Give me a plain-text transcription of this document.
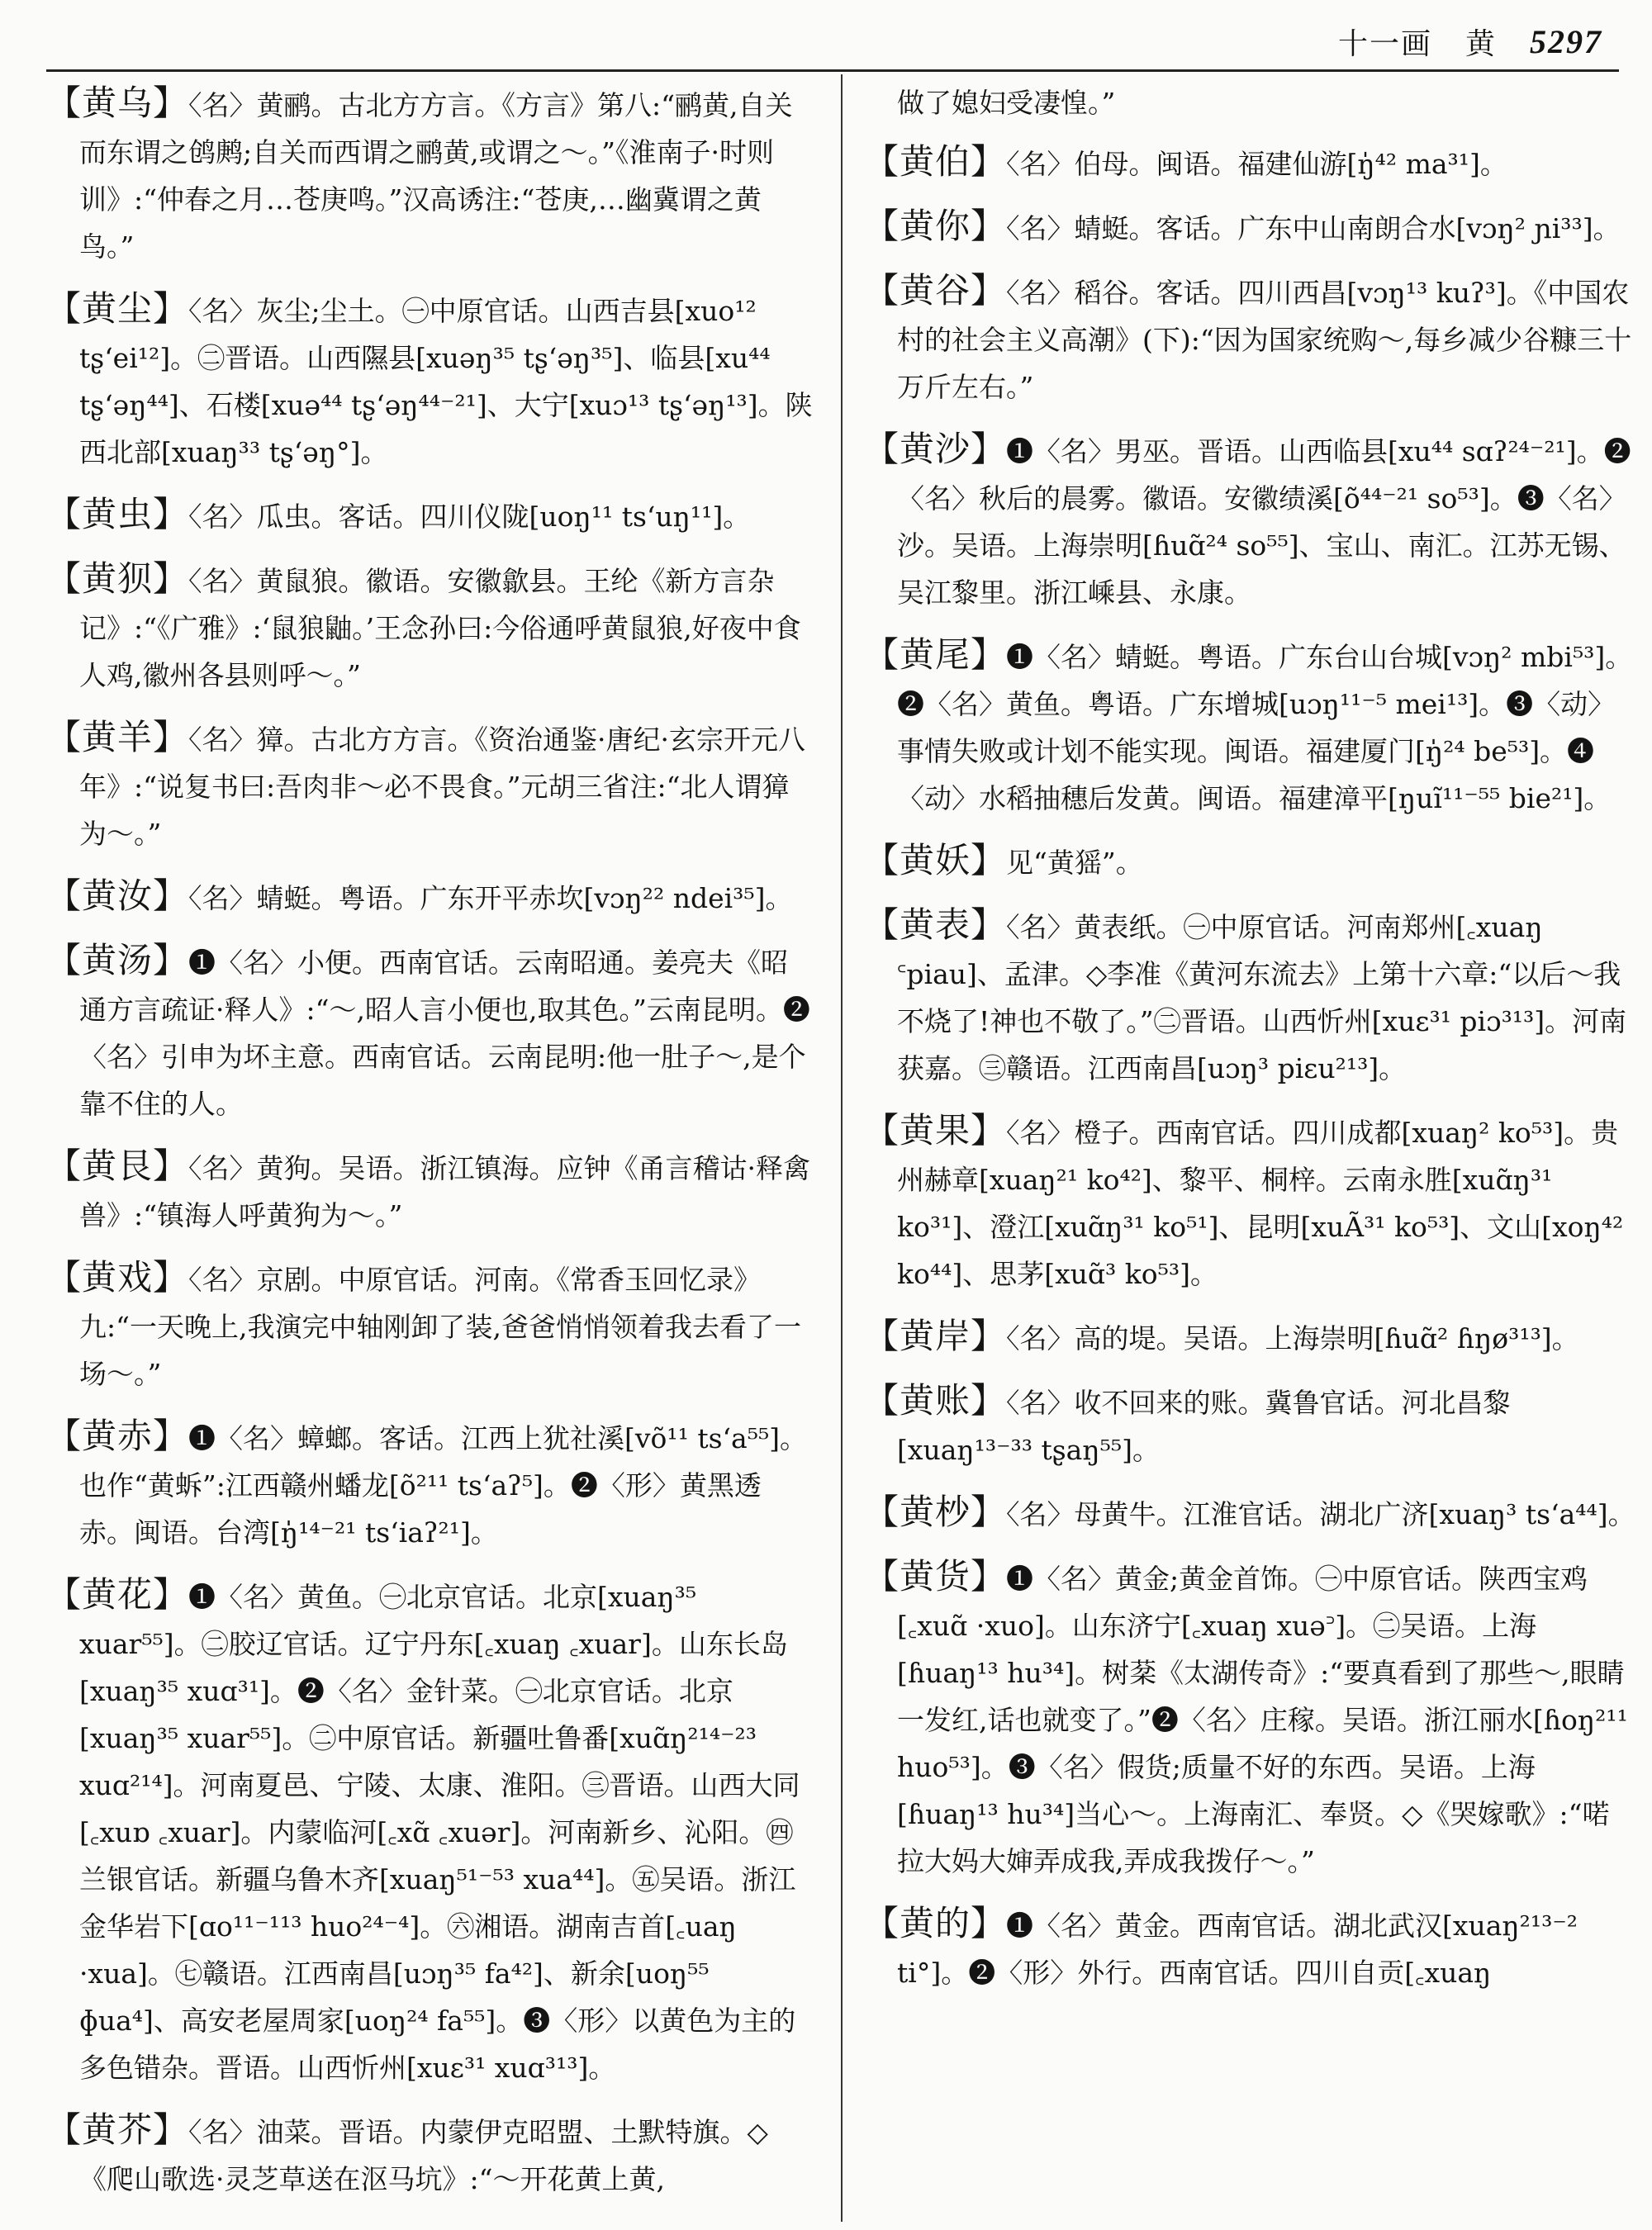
十一画 黄 5297

【黄乌】〈名〉黄鹂。古北方方言。《方言》第八:“鹂黄,自关而东谓之鸧鹒;自关而西谓之鹂黄,或谓之～。”《淮南子·时则训》:“仲春之月…苍庚鸣。”汉高诱注:“苍庚,…幽冀谓之黄鸟。”

【黄尘】〈名〉灰尘;尘土。㊀中原官话。山西吉县[xuo¹² tʂʻei¹²]。㊁晋语。山西隰县[xuəŋ³⁵ tʂʻəŋ³⁵]、临县[xu⁴⁴ tʂʻəŋ⁴⁴]、石楼[xuə⁴⁴ tʂʻəŋ⁴⁴⁻²¹]、大宁[xuɔ¹³ tʂʻəŋ¹³]。陕西北部[xuaŋ³³ tʂʻəŋ°]。

【黄虫】〈名〉瓜虫。客话。四川仪陇[uoŋ¹¹ tsʻuŋ¹¹]。

【黄狈】〈名〉黄鼠狼。徽语。安徽歙县。王纶《新方言杂记》:“《广雅》:‘鼠狼鼬。’王念孙曰:今俗通呼黄鼠狼,好夜中食人鸡,徽州各县则呼～。”

【黄羊】〈名〉獐。古北方方言。《资治通鉴·唐纪·玄宗开元八年》:“说复书曰:吾肉非～必不畏食。”元胡三省注:“北人谓獐为～。”

【黄汝】〈名〉蜻蜓。粤语。广东开平赤坎[vɔŋ²² ndei³⁵]。

【黄汤】❶〈名〉小便。西南官话。云南昭通。姜亮夫《昭通方言疏证·释人》:“～,昭人言小便也,取其色。”云南昆明。❷〈名〉引申为坏主意。西南官话。云南昆明:他一肚子～,是个靠不住的人。

【黄艮】〈名〉黄狗。吴语。浙江镇海。应钟《甬言稽诂·释禽兽》:“镇海人呼黄狗为～。”

【黄戏】〈名〉京剧。中原官话。河南。《常香玉回忆录》九:“一天晚上,我演完中轴刚卸了装,爸爸悄悄领着我去看了一场～。”

【黄赤】❶〈名〉蟑螂。客话。江西上犹社溪[võ¹¹ tsʻa⁵⁵]。也作“黄蚸”:江西赣州蟠龙[õ²¹¹ tsʻaʔ⁵]。❷〈形〉黄黑透赤。闽语。台湾[ŋ̍¹⁴⁻²¹ tsʻiaʔ²¹]。

【黄花】❶〈名〉黄鱼。㊀北京官话。北京[xuaŋ³⁵ xuar⁵⁵]。㊁胶辽官话。辽宁丹东[꜀xuaŋ ꜀xuar]。山东长岛[xuaŋ³⁵ xuɑ³¹]。❷〈名〉金针菜。㊀北京官话。北京[xuaŋ³⁵ xuar⁵⁵]。㊁中原官话。新疆吐鲁番[xuɑ̃ŋ²¹⁴⁻²³ xuɑ²¹⁴]。河南夏邑、宁陵、太康、淮阳。㊂晋语。山西大同[꜀xuɒ ꜀xuar]。内蒙临河[꜀xɑ̃ ꜀xuər]。河南新乡、沁阳。㊃兰银官话。新疆乌鲁木齐[xuaŋ⁵¹⁻⁵³ xua⁴⁴]。㊄吴语。浙江金华岩下[ɑo¹¹⁻¹¹³ huo²⁴⁻⁴]。㊅湘语。湖南吉首[꜀uaŋ ·xua]。㊆赣语。江西南昌[uɔŋ³⁵ fa⁴²]、新余[uoŋ⁵⁵ ɸua⁴]、高安老屋周家[uoŋ²⁴ fa⁵⁵]。❸〈形〉以黄色为主的多色错杂。晋语。山西忻州[xuɛ³¹ xuɑ³¹³]。

【黄芥】〈名〉油菜。晋语。内蒙伊克昭盟、土默特旗。◇《爬山歌选·灵芝草送在沤马坑》:“～开花黄上黄,

做了媳妇受凄惶。”

【黄伯】〈名〉伯母。闽语。福建仙游[ŋ̍⁴² ma³¹]。

【黄你】〈名〉蜻蜓。客话。广东中山南朗合水[vɔŋ² ɲi³³]。

【黄谷】〈名〉稻谷。客话。四川西昌[vɔŋ¹³ kuʔ³]。《中国农村的社会主义高潮》(下):“因为国家统购～,每乡减少谷糠三十万斤左右。”

【黄沙】❶〈名〉男巫。晋语。山西临县[xu⁴⁴ sɑʔ²⁴⁻²¹]。❷〈名〉秋后的晨雾。徽语。安徽绩溪[õ⁴⁴⁻²¹ so⁵³]。❸〈名〉沙。吴语。上海崇明[ɦuɑ̃²⁴ so⁵⁵]、宝山、南汇。江苏无锡、吴江黎里。浙江嵊县、永康。

【黄尾】❶〈名〉蜻蜓。粤语。广东台山台城[vɔŋ² mbi⁵³]。❷〈名〉黄鱼。粤语。广东增城[uɔŋ¹¹⁻⁵ mei¹³]。❸〈动〉事情失败或计划不能实现。闽语。福建厦门[ŋ̍²⁴ be⁵³]。❹〈动〉水稻抽穗后发黄。闽语。福建漳平[ŋuĩ¹¹⁻⁵⁵ bie²¹]。

【黄妖】见“黄猺”。

【黄表】〈名〉黄表纸。㊀中原官话。河南郑州[꜀xuaŋ ꜂piau]、孟津。◇李准《黄河东流去》上第十六章:“以后～我不烧了!神也不敬了。”㊁晋语。山西忻州[xuɛ³¹ piɔ³¹³]。河南获嘉。㊂赣语。江西南昌[uɔŋ³ piɛu²¹³]。

【黄果】〈名〉橙子。西南官话。四川成都[xuaŋ² ko⁵³]。贵州赫章[xuaŋ²¹ ko⁴²]、黎平、桐梓。云南永胜[xuɑ̃ŋ³¹ ko³¹]、澄江[xuɑ̃ŋ³¹ ko⁵¹]、昆明[xuÃ³¹ ko⁵³]、文山[xoŋ⁴² ko⁴⁴]、思茅[xuɑ̃³ ko⁵³]。

【黄岸】〈名〉高的堤。吴语。上海崇明[ɦuɑ̃² ɦŋø³¹³]。

【黄账】〈名〉收不回来的账。冀鲁官话。河北昌黎[xuaŋ¹³⁻³³ tʂaŋ⁵⁵]。

【黄杪】〈名〉母黄牛。江淮官话。湖北广济[xuaŋ³ tsʻa⁴⁴]。

【黄货】❶〈名〉黄金;黄金首饰。㊀中原官话。陕西宝鸡[꜀xuɑ̃ ·xuo]。山东济宁[꜀xuaŋ xuə꜄]。㊁吴语。上海[ɦuaŋ¹³ hu³⁴]。树棻《太湖传奇》:“要真看到了那些～,眼睛一发红,话也就变了。”❷〈名〉庄稼。吴语。浙江丽水[ɦoŋ²¹¹ huo⁵³]。❸〈名〉假货;质量不好的东西。吴语。上海[ɦuaŋ¹³ hu³⁴]当心～。上海南汇、奉贤。◇《哭嫁歌》:“喏拉大妈大婶弄成我,弄成我拨仔～。”

【黄的】❶〈名〉黄金。西南官话。湖北武汉[xuaŋ²¹³⁻² ti°]。❷〈形〉外行。西南官话。四川自贡[꜀xuaŋ
